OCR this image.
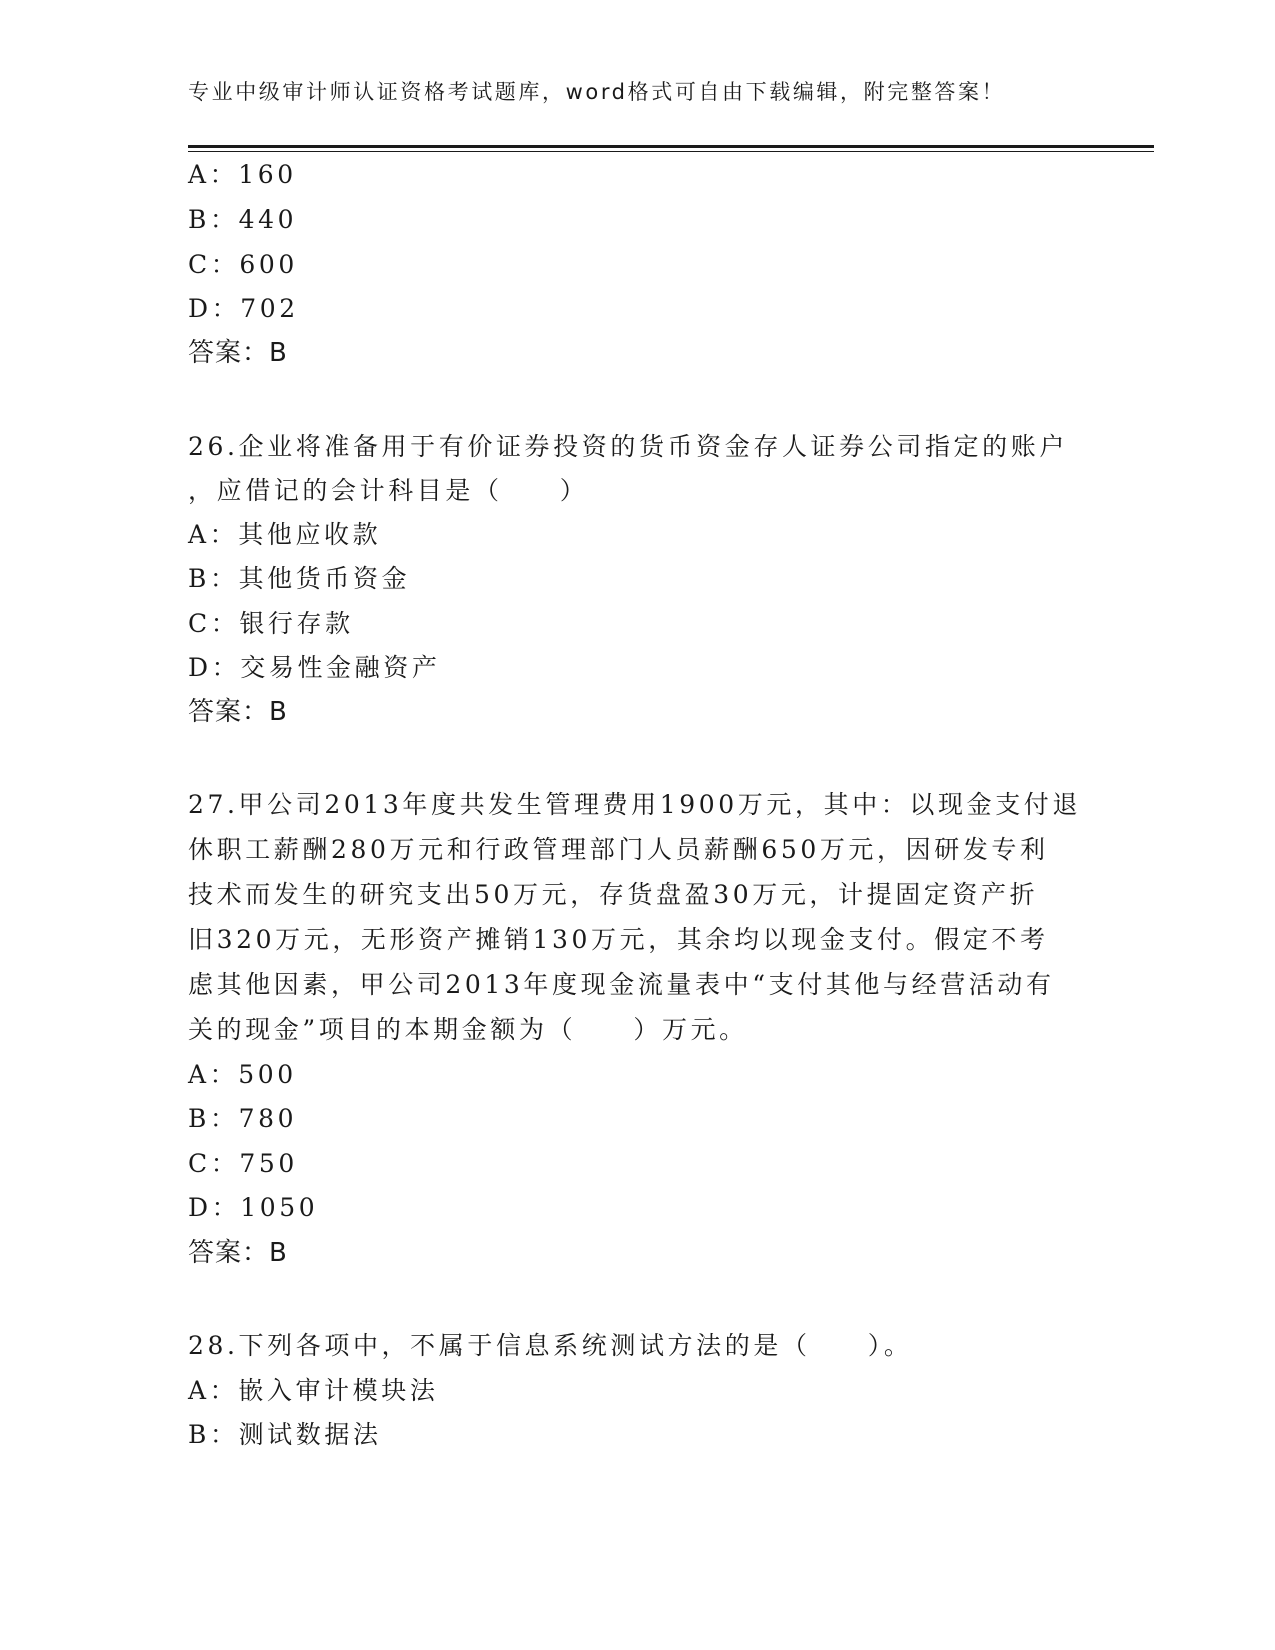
专业中级审计师认证资格考试题库，word格式可自由下载编辑，附完整答案！
A：160
B：440
C：600
D：702
答案：B
26.企业将准备用于有价证券投资的货币资金存人证券公司指定的账户
，应借记的会计科目是（　　）
A：其他应收款
B：其他货币资金
C：银行存款
D：交易性金融资产
答案：B
27.甲公司2013年度共发生管理费用1900万元，其中：以现金支付退
休职工薪酬280万元和行政管理部门人员薪酬650万元，因研发专利
技术而发生的研究支出50万元，存货盘盈30万元，计提固定资产折
旧320万元，无形资产摊销130万元，其余均以现金支付。假定不考
虑其他因素，甲公司2013年度现金流量表中“支付其他与经营活动有
关的现金”项目的本期金额为（　　）万元。
A：500
B：780
C：750
D：1050
答案：B
28.下列各项中，不属于信息系统测试方法的是（　　）。
A：嵌入审计模块法
B：测试数据法
